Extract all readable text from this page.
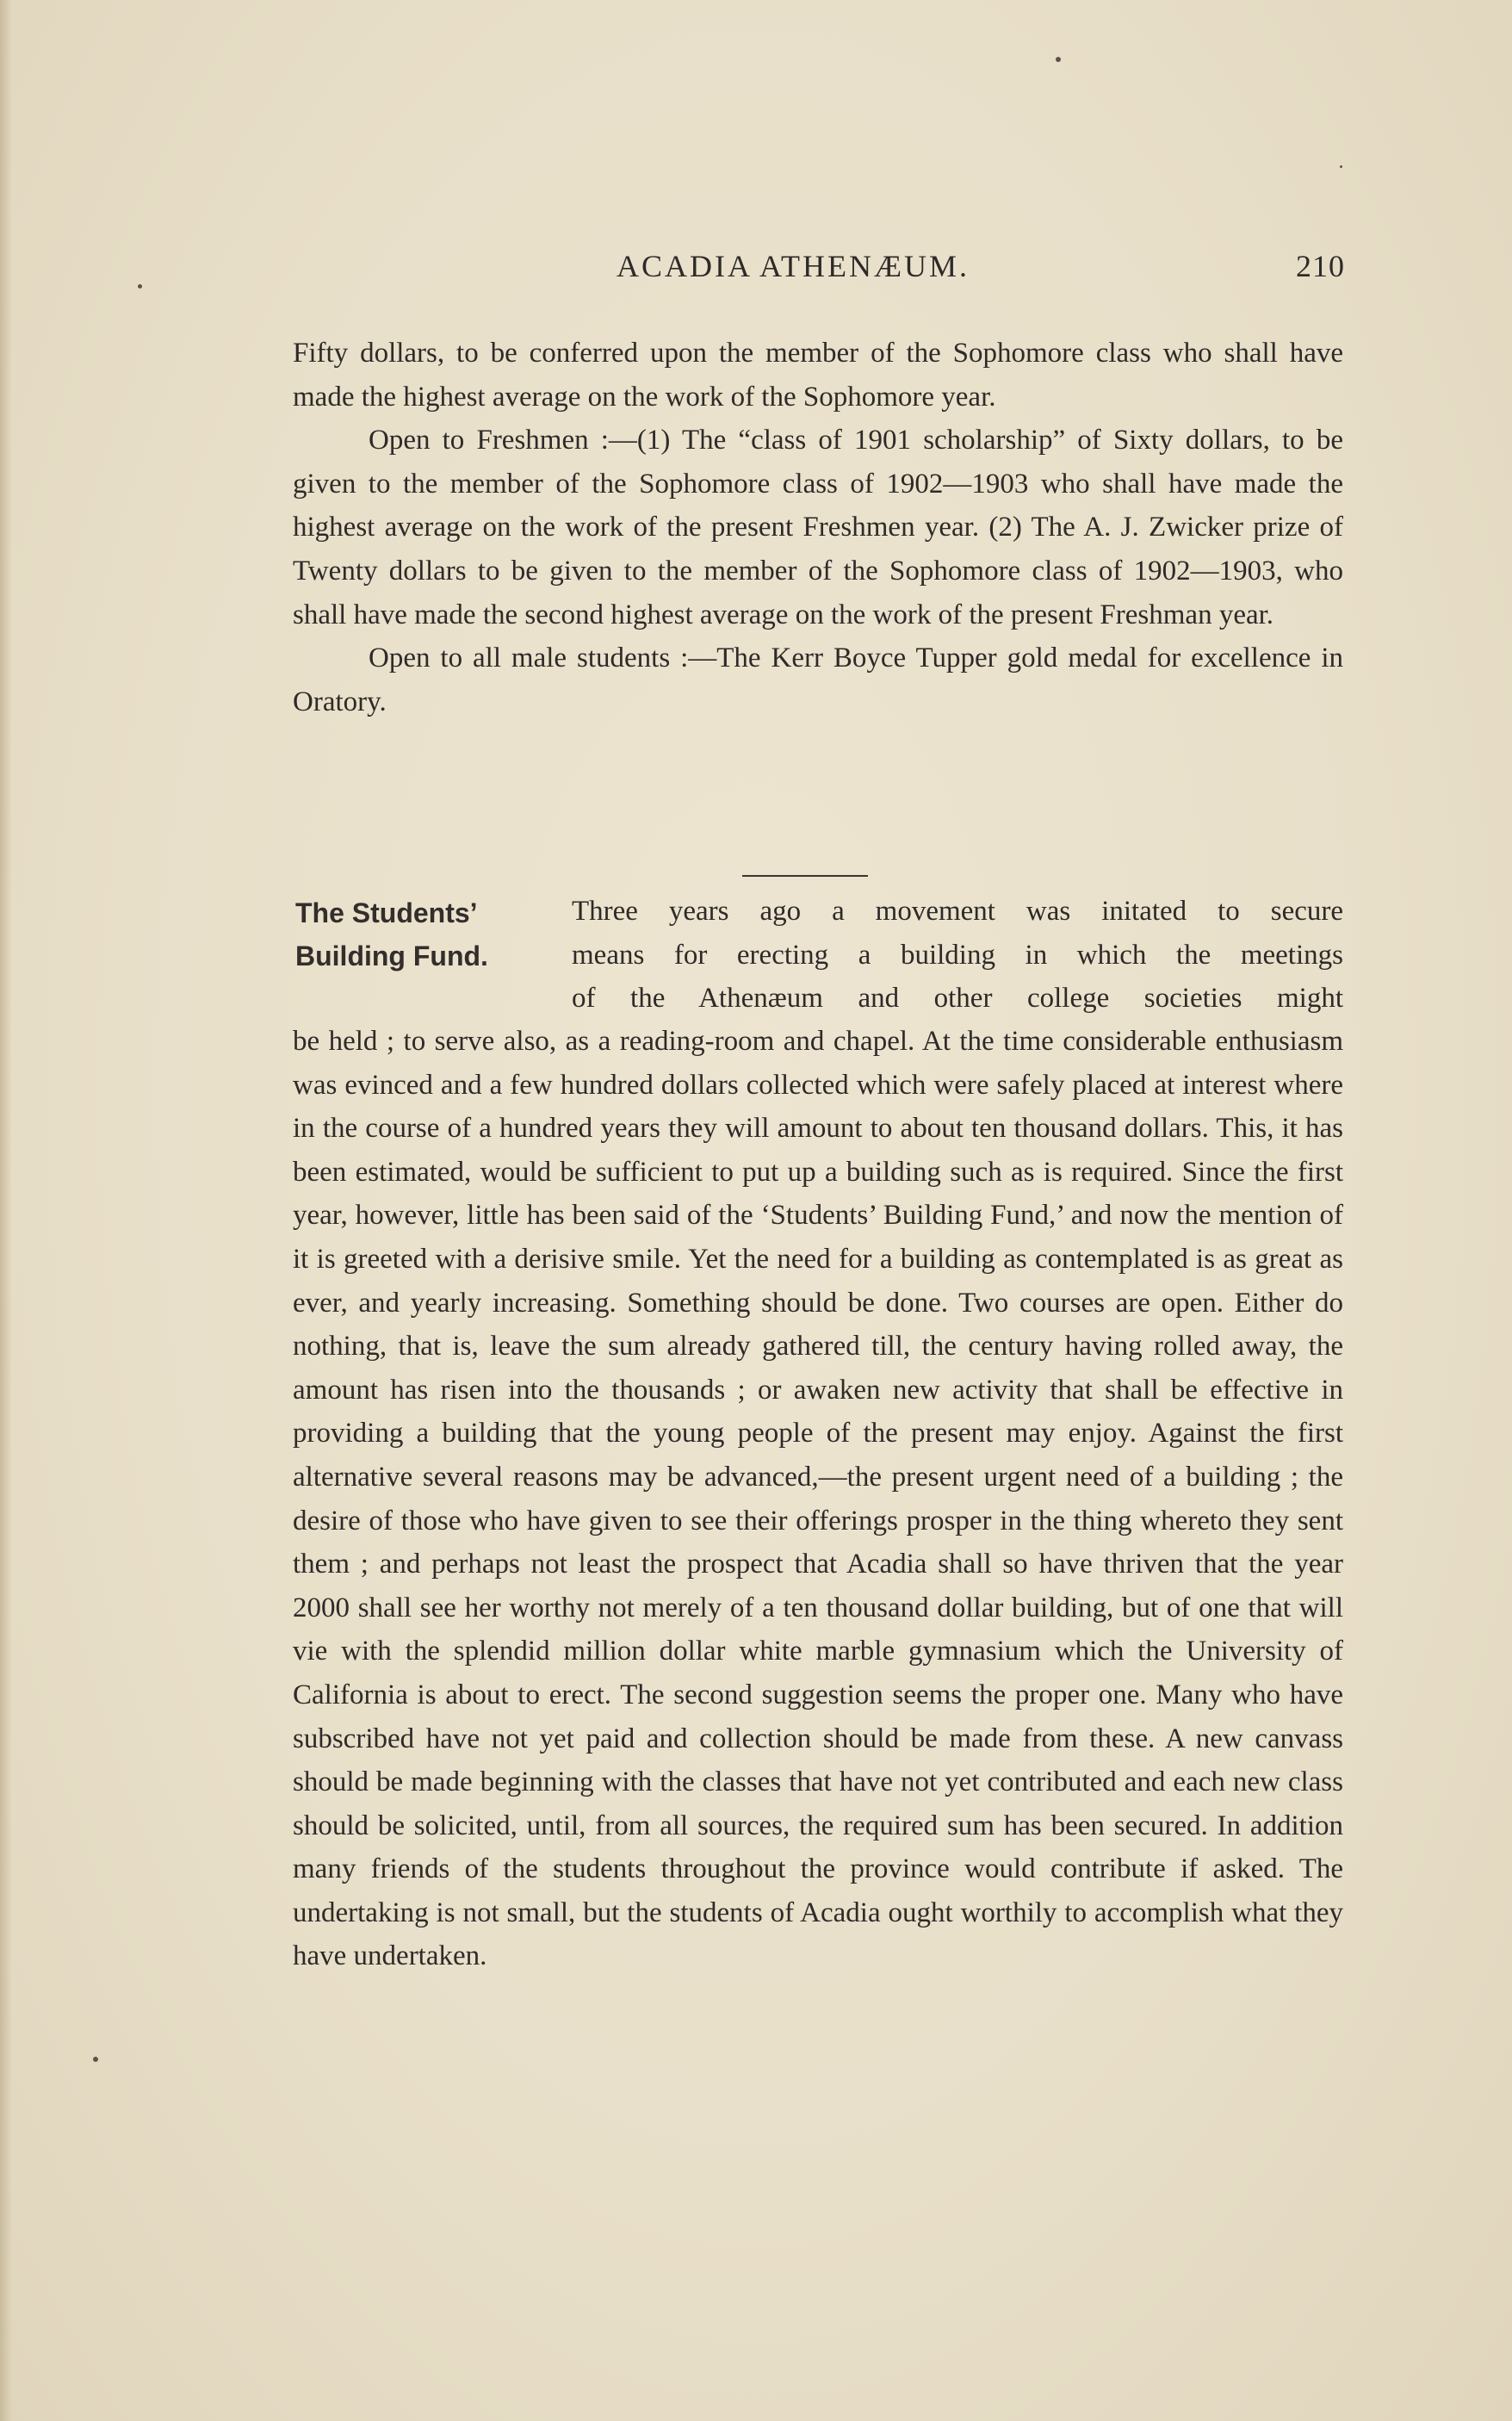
ACADIA ATHENÆUM.	210

Fifty dollars, to be conferred upon the member of the Sophomore class who shall have made the highest average on the work of the Sophomore year.

Open to Freshmen :—(1) The “class of 1901 scholarship” of Sixty dollars, to be given to the member of the Sophomore class of 1902—1903 who shall have made the highest average on the work of the present Freshmen year. (2) The A. J. Zwicker prize of Twenty dollars to be given to the member of the Sophomore class of 1902—1903, who shall have made the second highest average on the work of the present Freshman year.

Open to all male students :—The Kerr Boyce Tupper gold medal for excellence in Oratory.

The Students’
Building Fund.

Three years ago a movement was initated to secure

means for erecting a building in which the meetings

of the Athenæum and other college societies might

be held ; to serve also, as a reading-room and chapel. At the time considerable enthusiasm was evinced and a few hundred dollars collected which were safely placed at interest where in the course of a hundred years they will amount to about ten thousand dollars. This, it has been estimated, would be sufficient to put up a building such as is required. Since the first year, however, little has been said of the ‘Students’ Building Fund,’ and now the mention of it is greeted with a derisive smile. Yet the need for a building as contemplated is as great as ever, and yearly increasing. Something should be done. Two courses are open. Either do nothing, that is, leave the sum already gathered till, the century having rolled away, the amount has risen into the thousands ; or awaken new activity that shall be effective in providing a building that the young people of the present may enjoy. Against the first alternative several reasons may be advanced,—the present urgent need of a building ; the desire of those who have given to see their offerings prosper in the thing whereto they sent them ; and perhaps not least the prospect that Acadia shall so have thriven that the year 2000 shall see her worthy not merely of a ten thousand dollar building, but of one that will vie with the splendid million dollar white marble gymnasium which the University of California is about to erect. The second suggestion seems the proper one. Many who have subscribed have not yet paid and collection should be made from these. A new canvass should be made beginning with the classes that have not yet contributed and each new class should be solicited, until, from all sources, the required sum has been secured. In addition many friends of the students throughout the province would contribute if asked. The undertaking is not small, but the students of Acadia ought worthily to accomplish what they have undertaken.
